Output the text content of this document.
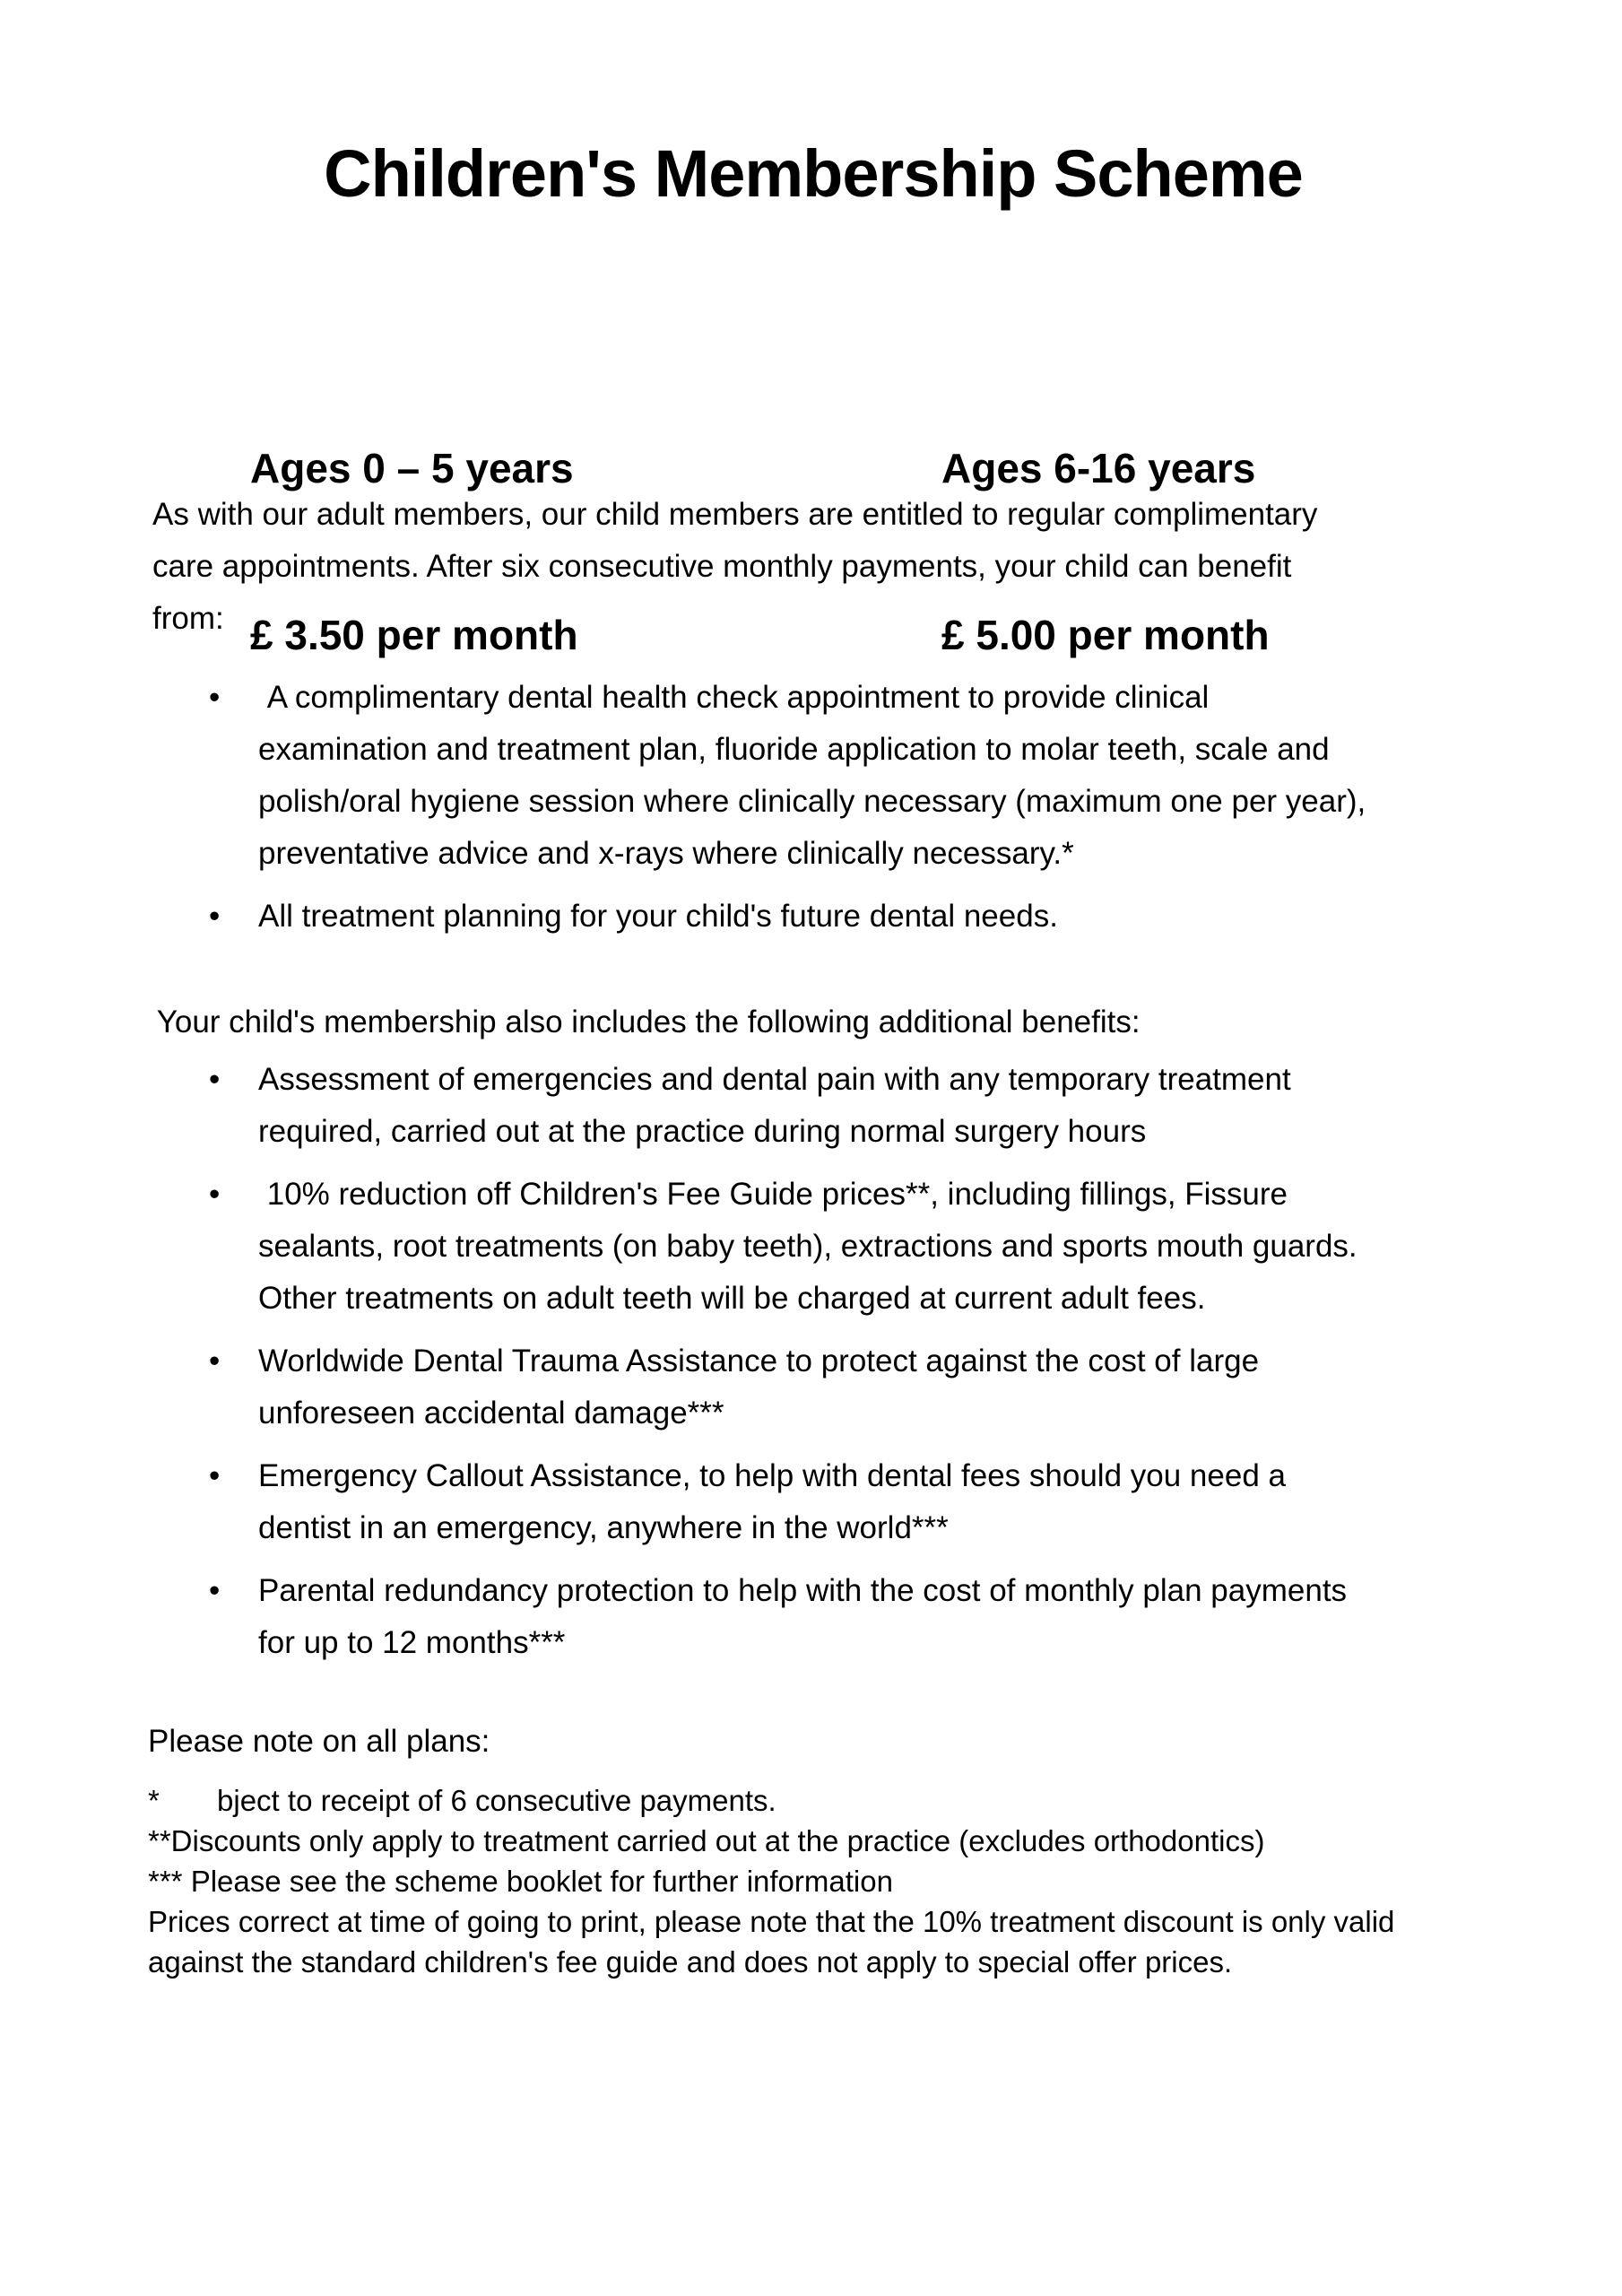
Children's Membership Scheme

Ages 0 – 5 years

£ 3.50 per month

Ages 6-16 years

£ 5.00 per month

As with our adult members, our child members are entitled to regular complimentary care appointments. After six consecutive monthly payments, your child can benefit from:

•  A complimentary dental health check appointment to provide clinical examination and treatment plan, fluoride application to molar teeth, scale and polish/oral hygiene session where clinically necessary (maximum one per year), preventative advice and x-rays where clinically necessary.*
• All treatment planning for your child's future dental needs.

Your child's membership also includes the following additional benefits:

• Assessment of emergencies and dental pain with any temporary treatment required, carried out at the practice during normal surgery hours
•  10% reduction off Children's Fee Guide prices**, including fillings, Fissure sealants, root treatments (on baby teeth), extractions and sports mouth guards. Other treatments on adult teeth will be charged at current adult fees.
• Worldwide Dental Trauma Assistance to protect against the cost of large unforeseen accidental damage***
• Emergency Callout Assistance, to help with dental fees should you need a dentist in an emergency, anywhere in the world***
• Parental redundancy protection to help with the cost of monthly plan payments for up to 12 months***

Please note on all plans:

*       bject to receipt of 6 consecutive payments.

**Discounts only apply to treatment carried out at the practice (excludes orthodontics)

*** Please see the scheme booklet for further information

Prices correct at time of going to print, please note that the 10% treatment discount is only valid against the standard children's fee guide and does not apply to special offer prices.
